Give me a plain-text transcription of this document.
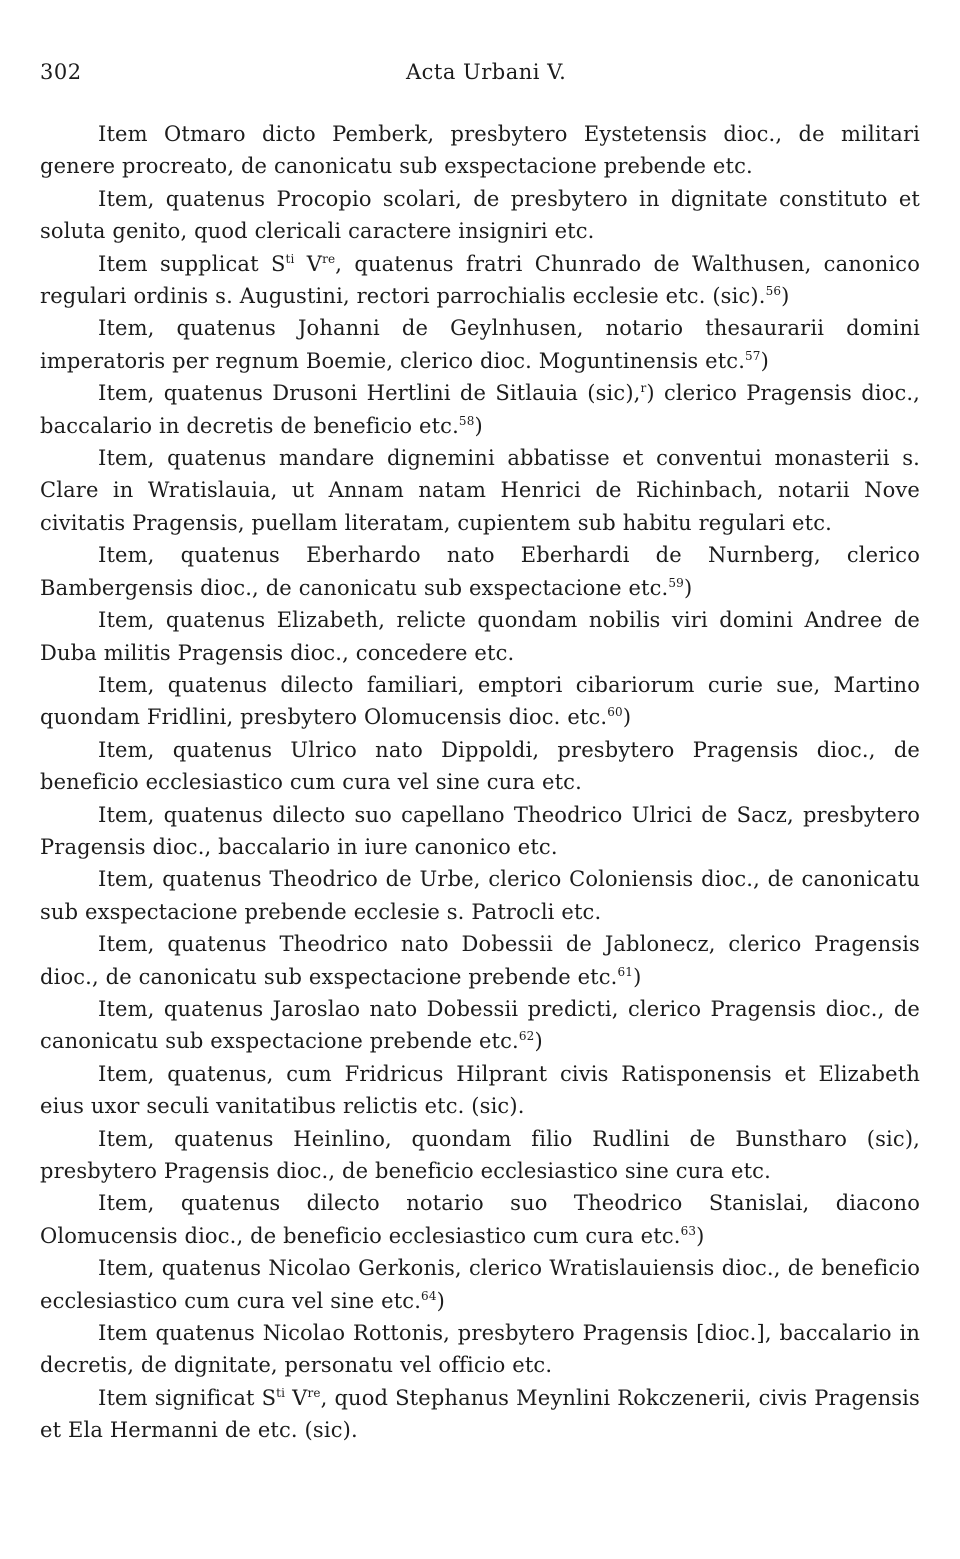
302	Acta Urbani V.

Item Otmaro dicto Pemberk, presbytero Eystetensis dioc., de militari genere procreato, de canonicatu sub exspectacione prebende etc.

Item, quatenus Procopio scolari, de presbytero in dignitate constituto et soluta genito, quod clericali caractere insigniri etc.

Item supplicat $S^{ti}$ Vre, quatenus fratri Chunrado de Walthusen, canonico regulari ordinis s. Augustini, rectori parrochialis ecclesie etc. (sic).$^{56}$)

Item, quatenus Johanni de Geylnhusen, notario thesaurarii domini imperatoris per regnum Boemie, clerico dioc. Moguntinensis etc.$^{57}$)

Item, quatenus Drusoni Hertlini de Sitlauia (sic),$^r$) clerico Pragensis dioc., baccalario in decretis de beneficio etc.$^{58}$)

Item, quatenus mandare dignemini abbatisse et conventui monasterii s. Clare in Wratislauia, ut Annam natam Henrici de Richinbach, notarii Nove civitatis Pragensis, puellam literatam, cupientem sub habitu regulari etc.

Item, quatenus Eberhardo nato Eberhardi de Nurnberg, clerico Bambergensis dioc., de canonicatu sub exspectacione etc.$^{59}$)

Item, quatenus Elizabeth, relicte quondam nobilis viri domini Andree de Duba militis Pragensis dioc., concedere etc.

Item, quatenus dilecto familiari, emptori cibariorum curie sue, Martino quondam Fridlini, presbytero Olomucensis dioc. etc.$^{60}$)

Item, quatenus Ulrico nato Dippoldi, presbytero Pragensis dioc., de beneficio ecclesiastico cum cura vel sine cura etc.

Item, quatenus dilecto suo capellano Theodrico Ulrici de Sacz, presbytero Pragensis dioc., baccalario in iure canonico etc.

Item, quatenus Theodrico de Urbe, clerico Coloniensis dioc., de canonicatu sub exspectacione prebende ecclesie s. Patrocli etc.

Item, quatenus Theodrico nato Dobessii de Jablonecz, clerico Pragensis dioc., de canonicatu sub exspectacione prebende etc.$^{61}$)

Item, quatenus Jaroslao nato Dobessii predicti, clerico Pragensis dioc., de canonicatu sub exspectacione prebende etc.$^{62}$)

Item, quatenus, cum Fridricus Hilprant civis Ratisponensis et Elizabeth eius uxor seculi vanitatibus relictis etc. (sic).

Item, quatenus Heinlino, quondam filio Rudlini de Bunstharo (sic), presbytero Pragensis dioc., de beneficio ecclesiastico sine cura etc.

Item, quatenus dilecto notario suo Theodrico Stanislai, diacono Olomucensis dioc., de beneficio ecclesiastico cum cura etc.$^{63}$)

Item, quatenus Nicolao Gerkonis, clerico Wratislauiensis dioc., de beneficio ecclesiastico cum cura vel sine etc.$^{64}$)

Item quatenus Nicolao Rottonis, presbytero Pragensis [dioc.], baccalario in decretis, de dignitate, personatu vel officio etc.

Item significat $S^{ti}$ Vre, quod Stephanus Meynlini Rokczenerii, civis Pragensis et Ela Hermanni de etc. (sic).
